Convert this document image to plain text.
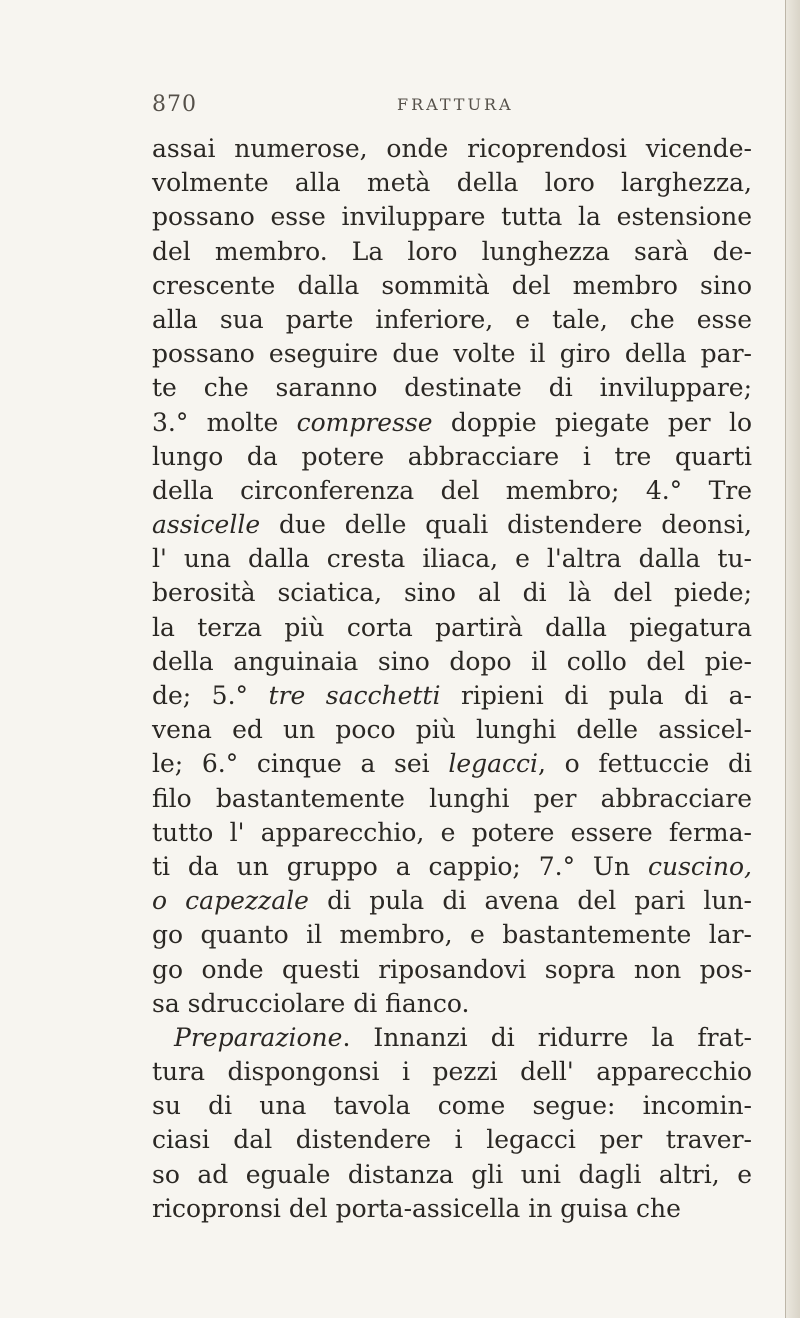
870	FRATTURA
assai numerose, onde ricoprendosi vicende-
volmente alla metà della loro larghezza,
possano esse inviluppare tutta la estensione
del membro. La loro lunghezza sarà de-
crescente dalla sommità del membro sino
alla sua parte inferiore, e tale, che esse
possano eseguire due volte il giro della par-
te che saranno destinate di inviluppare;
3.° molte compresse doppie piegate per lo
lungo da potere abbracciare i tre quarti
della circonferenza del membro; 4.° Tre
assicelle due delle quali distendere deonsi,
l' una dalla cresta iliaca, e l'altra dalla tu-
berosità sciatica, sino al di là del piede;
la terza più corta partirà dalla piegatura
della anguinaia sino dopo il collo del pie-
de; 5.° tre sacchetti ripieni di pula di a-
vena ed un poco più lunghi delle assicel-
le; 6.° cinque a sei legacci, o fettuccie di
filo bastantemente lunghi per abbracciare
tutto l' apparecchio, e potere essere ferma-
ti da un gruppo a cappio; 7.° Un cuscino,
o capezzale di pula di avena del pari lun-
go quanto il membro, e bastantemente lar-
go onde questi riposandovi sopra non pos-
sa sdrucciolare di fianco.
Preparazione. Innanzi di ridurre la frat-
tura dispongonsi i pezzi dell' apparecchio
su di una tavola come segue: incomin-
ciasi dal distendere i legacci per traver-
so ad eguale distanza gli uni dagli altri, e
ricopronsi del porta-assicella in guisa che
